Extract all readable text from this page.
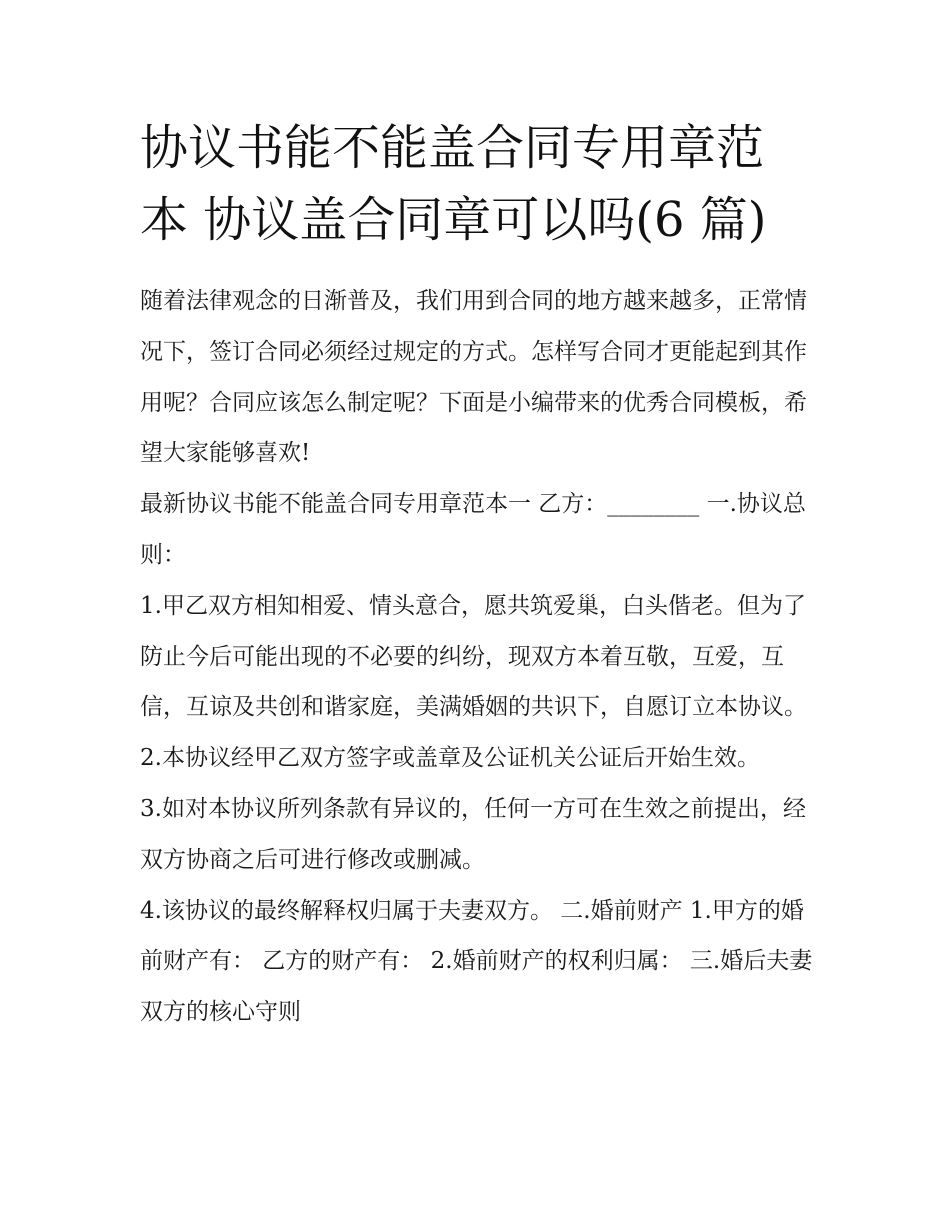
协议书能不能盖合同专用章范
本 协议盖合同章可以吗(6 篇)

随着法律观念的日渐普及，我们用到合同的地方越来越多，正常情况下，签订合同必须经过规定的方式。怎样写合同才更能起到其作用呢？合同应该怎么制定呢？下面是小编带来的优秀合同模板，希望大家能够喜欢!

最新协议书能不能盖合同专用章范本一 乙方：________ 一.协议总则：

1.甲乙双方相知相爱、情头意合，愿共筑爱巢，白头偕老。但为了防止今后可能出现的不必要的纠纷，现双方本着互敬，互爱，互信，互谅及共创和谐家庭，美满婚姻的共识下，自愿订立本协议。

2.本协议经甲乙双方签字或盖章及公证机关公证后开始生效。

3.如对本协议所列条款有异议的，任何一方可在生效之前提出，经双方协商之后可进行修改或删减。

4.该协议的最终解释权归属于夫妻双方。 二.婚前财产 1.甲方的婚前财产有： 乙方的财产有： 2.婚前财产的权利归属： 三.婚后夫妻双方的核心守则
